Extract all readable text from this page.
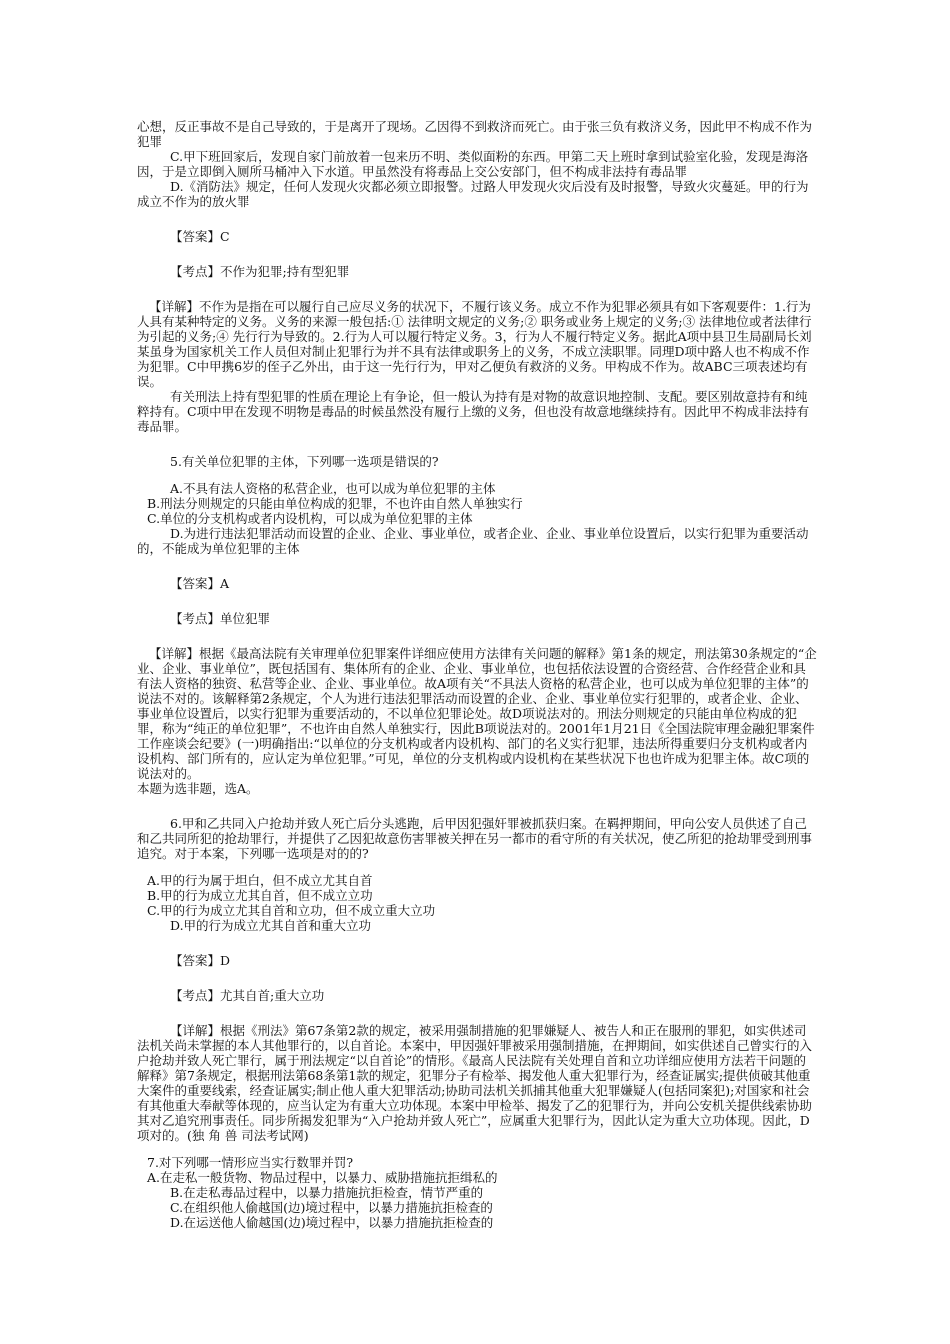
心想，反正事故不是自己导致的，于是离开了现场。乙因得不到救济而死亡。由于张三负有救济义务，因此甲不构成不作为犯罪

C.甲下班回家后，发现自家门前放着一包来历不明、类似面粉的东西。甲第二天上班时拿到试验室化验，发现是海洛因，于是立即倒入厕所马桶冲入下水道。甲虽然没有将毒品上交公安部门，但不构成非法持有毒品罪

D.《消防法》规定，任何人发现火灾都必须立即报警。过路人甲发现火灾后没有及时报警，导致火灾蔓延。甲的行为成立不作为的放火罪

【答案】C

【考点】不作为犯罪;持有型犯罪

【详解】不作为是指在可以履行自己应尽义务的状况下，不履行该义务。成立不作为犯罪必须具有如下客观要件：1.行为人具有某种特定的义务。义务的来源一般包括:① 法律明文规定的义务;② 职务或业务上规定的义务;③ 法律地位或者法律行为引起的义务;④ 先行行为导致的。2.行为人可以履行特定义务。3，行为人不履行特定义务。据此A项中县卫生局副局长刘某虽身为国家机关工作人员但对制止犯罪行为并不具有法律或职务上的义务，不成立渎职罪。同理D项中路人也不构成不作为犯罪。C中甲携6岁的侄子乙外出，由于这一先行行为，甲对乙便负有救济的义务。甲构成不作为。故ABC三项表述均有误。

有关刑法上持有型犯罪的性质在理论上有争论，但一般认为持有是对物的故意识地控制、支配。要区别故意持有和纯粹持有。C项中甲在发现不明物是毒品的时候虽然没有履行上缴的义务，但也没有故意地继续持有。因此甲不构成非法持有毒品罪。

5.有关单位犯罪的主体，下列哪一选项是错误的?

A.不具有法人资格的私营企业，也可以成为单位犯罪的主体

B.刑法分则规定的只能由单位构成的犯罪，不也许由自然人单独实行

C.单位的分支机构或者内设机构，可以成为单位犯罪的主体

D.为进行违法犯罪活动而设置的企业、企业、事业单位，或者企业、企业、事业单位设置后，以实行犯罪为重要活动的，不能成为单位犯罪的主体

【答案】A

【考点】单位犯罪

【详解】根据《最高法院有关审理单位犯罪案件详细应使用方法律有关问题的解释》第1条的规定，刑法第30条规定的“企业、企业、事业单位”，既包括国有、集体所有的企业、企业、事业单位，也包括依法设置的合资经营、合作经营企业和具有法人资格的独资、私营等企业、企业、事业单位。故A项有关“不具法人资格的私营企业，也可以成为单位犯罪的主体”的说法不对的。该解释第2条规定，个人为进行违法犯罪活动而设置的企业、企业、事业单位实行犯罪的，或者企业、企业、事业单位设置后，以实行犯罪为重要活动的，不以单位犯罪论处。故D项说法对的。刑法分则规定的只能由单位构成的犯罪，称为“纯正的单位犯罪”，不也许由自然人单独实行，因此B项说法对的。2001年1月21日《全国法院审理金融犯罪案件工作座谈会纪要》(一)明确指出:“以单位的分支机构或者内设机构、部门的名义实行犯罪，违法所得重要归分支机构或者内设机构、部门所有的，应认定为单位犯罪。”可见，单位的分支机构或内设机构在某些状况下也也许成为犯罪主体。故C项的说法对的。

本题为选非题，选A。

6.甲和乙共同入户抢劫并致人死亡后分头逃跑，后甲因犯强奸罪被抓获归案。在羁押期间，甲向公安人员供述了自己和乙共同所犯的抢劫罪行，并提供了乙因犯故意伤害罪被关押在另一都市的看守所的有关状况，使乙所犯的抢劫罪受到刑事追究。对于本案，下列哪一选项是对的的?

A.甲的行为属于坦白，但不成立尤其自首

B.甲的行为成立尤其自首，但不成立立功

C.甲的行为成立尤其自首和立功，但不成立重大立功

D.甲的行为成立尤其自首和重大立功

【答案】D

【考点】尤其自首;重大立功

【详解】根据《刑法》第67条第2款的规定，被采用强制措施的犯罪嫌疑人、被告人和正在服刑的罪犯，如实供述司法机关尚未掌握的本人其他罪行的，以自首论。本案中，甲因强奸罪被采用强制措施，在押期间，如实供述自己曾实行的入户抢劫并致人死亡罪行，属于刑法规定“以自首论”的情形。《最高人民法院有关处理自首和立功详细应使用方法若干问题的解释》第7条规定，根据刑法第68条第1款的规定，犯罪分子有检举、揭发他人重大犯罪行为，经查证属实;提供侦破其他重大案件的重要线索，经查证属实;制止他人重大犯罪活动;协助司法机关抓捕其他重大犯罪嫌疑人(包括同案犯);对国家和社会有其他重大奉献等体现的，应当认定为有重大立功体现。本案中甲检举、揭发了乙的犯罪行为，并向公安机关提供线索协助其对乙追究刑事责任。同步所揭发犯罪为“入户抢劫并致人死亡”，应属重大犯罪行为，因此认定为重大立功体现。因此，D项对的。(独 角 兽 司法考试网)

7.对下列哪一情形应当实行数罪并罚?

A.在走私一般货物、物品过程中，以暴力、威胁措施抗拒缉私的

B.在走私毒品过程中，以暴力措施抗拒检查，情节严重的

C.在组织他人偷越国(边)境过程中，以暴力措施抗拒检查的

D.在运送他人偷越国(边)境过程中，以暴力措施抗拒检查的
